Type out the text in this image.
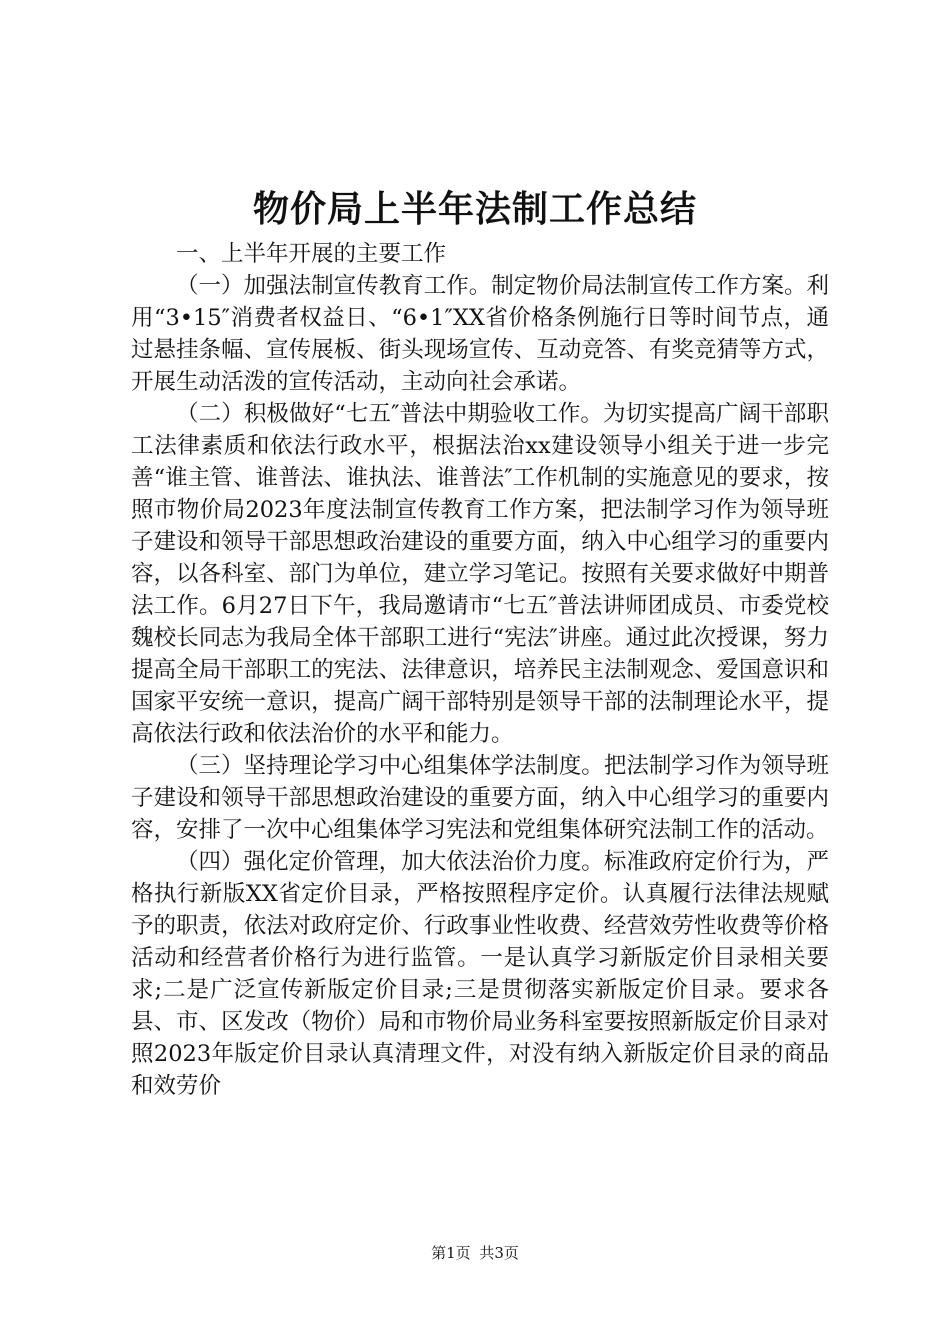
物价局上半年法制工作总结

一、上半年开展的主要工作

（一）加强法制宣传教育工作。制定物价局法制宣传工作方案。利用“3•15″消费者权益日、“6•1″XX省价格条例施行日等时间节点，通过悬挂条幅、宣传展板、街头现场宣传、互动竞答、有奖竞猜等方式，开展生动活泼的宣传活动，主动向社会承诺。

（二）积极做好“七五″普法中期验收工作。为切实提高广阔干部职工法律素质和依法行政水平，根据法治xx建设领导小组关于进一步完善“谁主管、谁普法、谁执法、谁普法″工作机制的实施意见的要求，按照市物价局2023年度法制宣传教育工作方案，把法制学习作为领导班子建设和领导干部思想政治建设的重要方面，纳入中心组学习的重要内容，以各科室、部门为单位，建立学习笔记。按照有关要求做好中期普法工作。6月27日下午，我局邀请市“七五″普法讲师团成员、市委党校魏校长同志为我局全体干部职工进行“宪法″讲座。通过此次授课，努力提高全局干部职工的宪法、法律意识，培养民主法制观念、爱国意识和国家平安统一意识，提高广阔干部特别是领导干部的法制理论水平，提高依法行政和依法治价的水平和能力。

（三）坚持理论学习中心组集体学法制度。把法制学习作为领导班子建设和领导干部思想政治建设的重要方面，纳入中心组学习的重要内容，安排了一次中心组集体学习宪法和党组集体研究法制工作的活动。

（四）强化定价管理，加大依法治价力度。标准政府定价行为，严格执行新版XX省定价目录，严格按照程序定价。认真履行法律法规赋予的职责，依法对政府定价、行政事业性收费、经营效劳性收费等价格活动和经营者价格行为进行监管。一是认真学习新版定价目录相关要求;二是广泛宣传新版定价目录;三是贯彻落实新版定价目录。要求各县、市、区发改（物价）局和市物价局业务科室要按照新版定价目录对照2023年版定价目录认真清理文件，对没有纳入新版定价目录的商品和效劳价

第1页 共3页
